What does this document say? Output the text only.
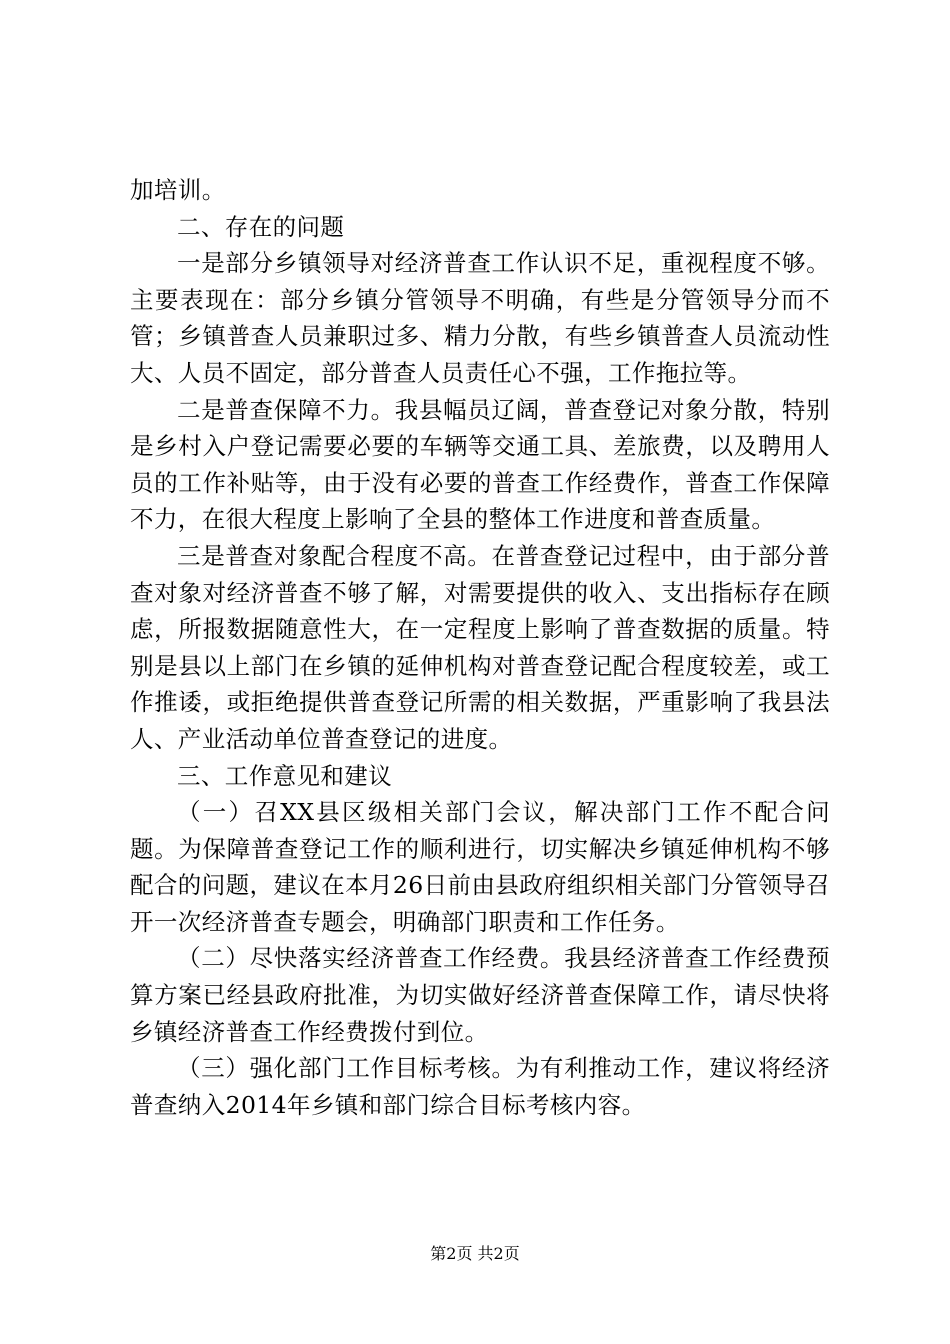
加培训。

二、存在的问题

一是部分乡镇领导对经济普查工作认识不足，重视程度不够。主要表现在：部分乡镇分管领导不明确，有些是分管领导分而不管；乡镇普查人员兼职过多、精力分散，有些乡镇普查人员流动性大、人员不固定，部分普查人员责任心不强，工作拖拉等。

二是普查保障不力。我县幅员辽阔，普查登记对象分散，特别是乡村入户登记需要必要的车辆等交通工具、差旅费，以及聘用人员的工作补贴等，由于没有必要的普查工作经费作，普查工作保障不力，在很大程度上影响了全县的整体工作进度和普查质量。

三是普查对象配合程度不高。在普查登记过程中，由于部分普查对象对经济普查不够了解，对需要提供的收入、支出指标存在顾虑，所报数据随意性大，在一定程度上影响了普查数据的质量。特别是县以上部门在乡镇的延伸机构对普查登记配合程度较差，或工作推诿，或拒绝提供普查登记所需的相关数据，严重影响了我县法人、产业活动单位普查登记的进度。

三、工作意见和建议

（一）召XX县区级相关部门会议，解决部门工作不配合问题。为保障普查登记工作的顺利进行，切实解决乡镇延伸机构不够配合的问题，建议在本月26日前由县政府组织相关部门分管领导召开一次经济普查专题会，明确部门职责和工作任务。

（二）尽快落实经济普查工作经费。我县经济普查工作经费预算方案已经县政府批准，为切实做好经济普查保障工作，请尽快将乡镇经济普查工作经费拨付到位。

（三）强化部门工作目标考核。为有利推动工作，建议将经济普查纳入2014年乡镇和部门综合目标考核内容。

第2页 共2页
